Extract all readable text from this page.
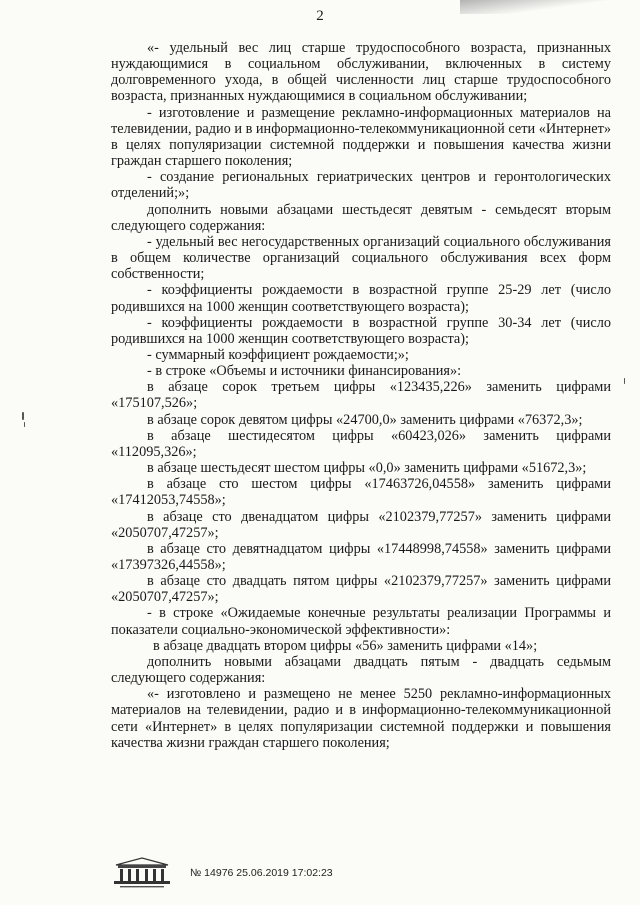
2

«- удельный вес лиц старше трудоспособного возраста, признанных нуждающимися в социальном обслуживании, включенных в систему долговременного ухода, в общей численности лиц старше трудоспособного возраста, признанных нуждающимися в социальном обслуживании;

- изготовление и размещение рекламно-информационных материалов на телевидении, радио и в информационно-телекоммуникационной сети «Интернет» в целях популяризации системной поддержки и повышения качества жизни граждан старшего поколения;

- создание региональных гериатрических центров и геронтологических отделений;»;

дополнить новыми абзацами шестьдесят девятым - семьдесят вторым следующего содержания:

- удельный вес негосударственных организаций социального обслуживания в общем количестве организаций социального обслуживания всех форм собственности;

- коэффициенты рождаемости в возрастной группе 25-29 лет (число родившихся на 1000 женщин соответствующего возраста);

- коэффициенты рождаемости в возрастной группе 30-34 лет (число родившихся на 1000 женщин соответствующего возраста);

- суммарный коэффициент рождаемости;»;

- в строке «Объемы и источники финансирования»:

в абзаце сорок третьем цифры «123435,226» заменить цифрами «175107,526»;

в абзаце сорок девятом цифры «24700,0» заменить цифрами «76372,3»;

в абзаце шестидесятом цифры «60423,026» заменить цифрами «112095,326»;

в абзаце шестьдесят шестом цифры «0,0» заменить цифрами «51672,3»;

в абзаце сто шестом цифры «17463726,04558» заменить цифрами «17412053,74558»;

в абзаце сто двенадцатом цифры «2102379,77257» заменить цифрами «2050707,47257»;

в абзаце сто девятнадцатом цифры «17448998,74558» заменить цифрами «17397326,44558»;

в абзаце сто двадцать пятом цифры «2102379,77257» заменить цифрами «2050707,47257»;

- в строке «Ожидаемые конечные результаты реализации Программы и показатели социально-экономической эффективности»:

в абзаце двадцать втором цифры «56» заменить цифрами «14»;

дополнить новыми абзацами двадцать пятым - двадцать седьмым следующего содержания:

«- изготовлено и размещено не менее 5250 рекламно-информационных материалов на телевидении, радио и в информационно-телекоммуникационной сети «Интернет» в целях популяризации системной поддержки и повышения качества жизни граждан старшего поколения;

№ 14976 25.06.2019 17:02:23
